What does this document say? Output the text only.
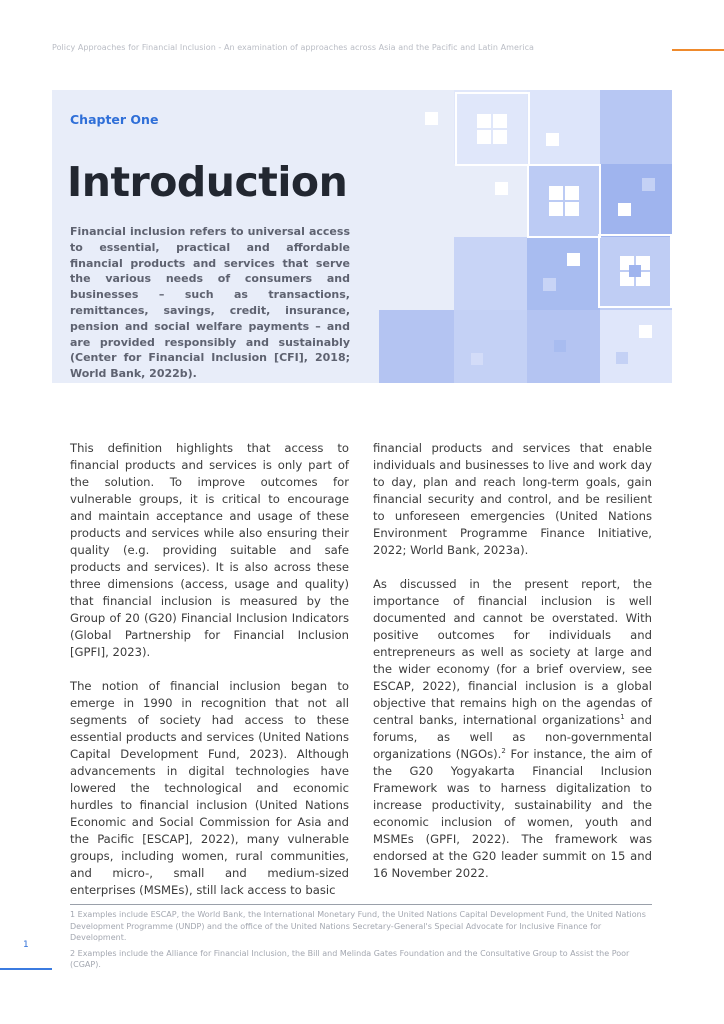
Policy Approaches for Financial Inclusion - An examination of approaches across Asia and the Pacific and Latin America
Chapter One
Introduction
Financial inclusion refers to universal access to essential, practical and affordable financial products and services that serve the various needs of consumers and businesses – such as transactions, remittances, savings, credit, insurance, pension and social welfare payments – and are provided responsibly and sustainably (Center for Financial Inclusion [CFI], 2018; World Bank, 2022b).

This definition highlights that access to financial products and services is only part of the solution. To improve outcomes for vulnerable groups, it is critical to encourage and maintain acceptance and usage of these products and services while also ensuring their quality (e.g. providing suitable and safe products and services). It is also across these three dimensions (access, usage and quality) that financial inclusion is measured by the Group of 20 (G20) Financial Inclusion Indicators (Global Partnership for Financial Inclusion [GPFI], 2023).

The notion of financial inclusion began to emerge in 1990 in recognition that not all segments of society had access to these essential products and services (United Nations Capital Development Fund, 2023). Although advancements in digital technologies have lowered the technological and economic hurdles to financial inclusion (United Nations Economic and Social Commission for Asia and the Pacific [ESCAP], 2022), many vulnerable groups, including women, rural communities, and micro-, small and medium-sized enterprises (MSMEs), still lack access to basic

financial products and services that enable individuals and businesses to live and work day to day, plan and reach long-term goals, gain financial security and control, and be resilient to unforeseen emergencies (United Nations Environment Programme Finance Initiative, 2022; World Bank, 2023a).

As discussed in the present report, the importance of financial inclusion is well documented and cannot be overstated. With positive outcomes for individuals and entrepreneurs as well as society at large and the wider economy (for a brief overview, see ESCAP, 2022), financial inclusion is a global objective that remains high on the agendas of central banks, international organizations$^1$ and forums, as well as non-governmental organizations (NGOs).$^2$ For instance, the aim of the G20 Yogyakarta Financial Inclusion Framework was to harness digitalization to increase productivity, sustainability and the economic inclusion of women, youth and MSMEs (GPFI, 2022). The framework was endorsed at the G20 leader summit on 15 and 16 November 2022.

1 Examples include ESCAP, the World Bank, the International Monetary Fund, the United Nations Capital Development Fund, the United Nations Development Programme (UNDP) and the office of the United Nations Secretary-General's Special Advocate for Inclusive Finance for Development.

2 Examples include the Alliance for Financial Inclusion, the Bill and Melinda Gates Foundation and the Consultative Group to Assist the Poor (CGAP).

1
